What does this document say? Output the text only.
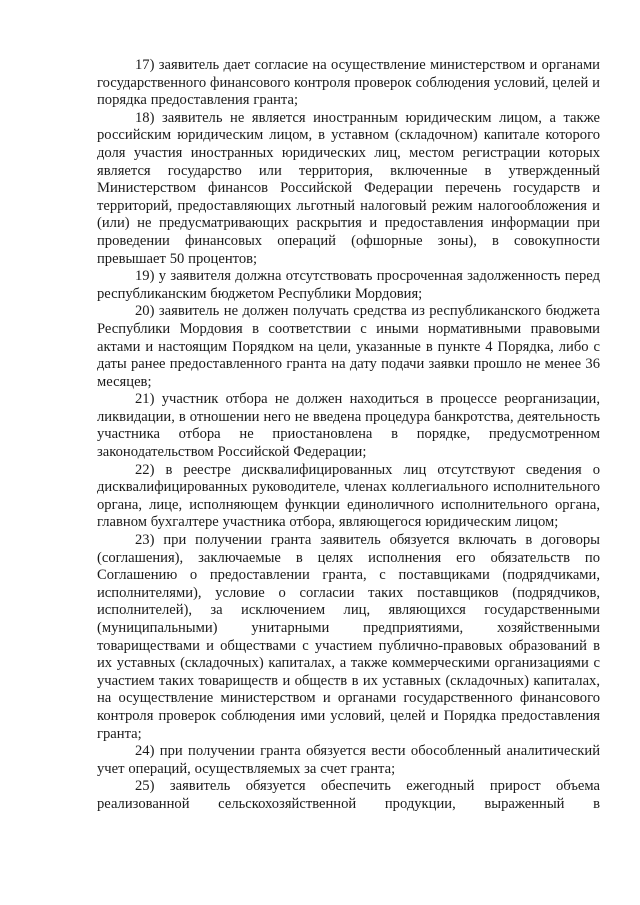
17) заявитель дает согласие на осуществление министерством и органами государственного финансового контроля проверок соблюдения условий, целей и порядка предоставления гранта;

18) заявитель не является иностранным юридическим лицом, а также российским юридическим лицом, в уставном (складочном) капитале которого доля участия иностранных юридических лиц, местом регистрации которых является государство или территория, включенные в утвержденный Министерством финансов Российской Федерации перечень государств и территорий, предоставляющих льготный налоговый режим налогообложения и (или) не предусматривающих раскрытия и предоставления информации при проведении финансовых операций (офшорные зоны), в совокупности превышает 50 процентов;

19) у заявителя должна отсутствовать просроченная задолженность перед республиканским бюджетом Республики Мордовия;

20) заявитель не должен получать средства из республиканского бюджета Республики Мордовия в соответствии с иными нормативными правовыми актами и настоящим Порядком на цели, указанные в пункте 4 Порядка, либо с даты ранее предоставленного гранта на дату подачи заявки прошло не менее 36 месяцев;

21) участник отбора не должен находиться в процессе реорганизации, ликвидации, в отношении него не введена процедура банкротства, деятельность участника отбора не приостановлена в порядке, предусмотренном законодательством Российской Федерации;

22) в реестре дисквалифицированных лиц отсутствуют сведения о дисквалифицированных руководителе, членах коллегиального исполнительного органа, лице, исполняющем функции единоличного исполнительного органа, главном бухгалтере участника отбора, являющегося юридическим лицом;

23) при получении гранта заявитель обязуется включать в договоры (соглашения), заключаемые в целях исполнения его обязательств по Соглашению о предоставлении гранта, с поставщиками (подрядчиками, исполнителями), условие о согласии таких поставщиков (подрядчиков, исполнителей), за исключением лиц, являющихся государственными (муниципальными) унитарными предприятиями, хозяйственными товариществами и обществами с участием публично-правовых образований в их уставных (складочных) капиталах, а также коммерческими организациями с участием таких товариществ и обществ в их уставных (складочных) капиталах, на осуществление министерством и органами государственного финансового контроля проверок соблюдения ими условий, целей и Порядка предоставления гранта;

24) при получении гранта обязуется вести обособленный аналитический учет операций, осуществляемых за счет гранта;

25) заявитель обязуется обеспечить ежегодный прирост объема реализованной сельскохозяйственной продукции, выраженный в
